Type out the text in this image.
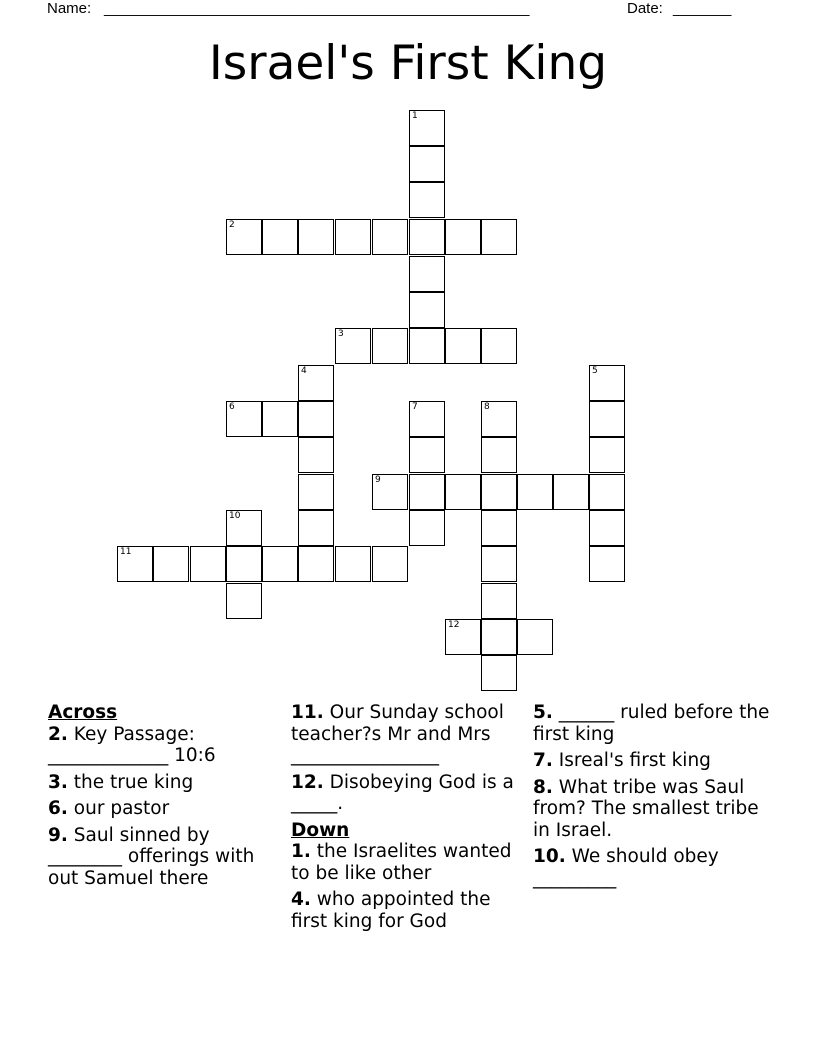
Name: ___________________________________________________	Date: _______
Israel's First King
1
2
3
4	5
6	7	8
9
10
11
12
Across
2. Key Passage: _____________ 10:6
3. the true king
6. our pastor
9. Saul sinned by ________ offerings with out Samuel there
11. Our Sunday school teacher?s Mr and Mrs ________________
12. Disobeying God is a _____.
Down
1. the Israelites wanted to be like other
4. who appointed the first king for God
5. ______ ruled before the first king
7. Isreal's first king
8. What tribe was Saul from? The smallest tribe in Israel.
10. We should obey _________
